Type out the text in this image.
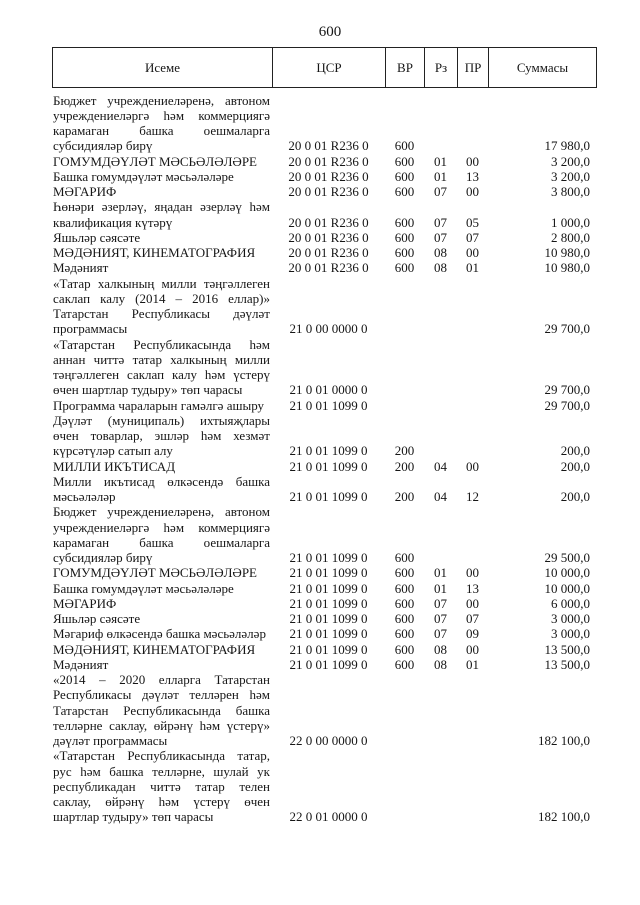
600
Исеме	ЦСР	ВР	Рз	ПР	Суммасы
Бюджет учреждениеләренә, автоном
учреждениеләргә һәм коммерциягә
карамаган башка оешмаларга
субсидияләр бирү	20 0 01 R236 0	600			17 980,0

ГОМУМДӘҮЛӘТ МӘСЬӘЛӘЛӘРЕ	20 0 01 R236 0	600	01	00	3 200,0

Башка гомумдәүләт мәсьәләләре	20 0 01 R236 0	600	01	13	3 200,0

МӘГАРИФ	20 0 01 R236 0	600	07	00	3 800,0

Һөнәри әзерләү, яңадан әзерләү һәм
квалификация күтәрү	20 0 01 R236 0	600	07	05	1 000,0

Яшьләр сәясәте	20 0 01 R236 0	600	07	07	2 800,0

МӘДӘНИЯТ, КИНЕМАТОГРАФИЯ	20 0 01 R236 0	600	08	00	10 980,0

Мәдәният	20 0 01 R236 0	600	08	01	10 980,0

«Татар халкының милли тәңгәллеген
саклап калу (2014 – 2016 еллар)»
Татарстан Республикасы дәүләт
программасы	21 0 00 0000 0				29 700,0

«Татарстан Республикасында һәм
аннан читтә татар халкының милли
тәңгәллеген саклап калу һәм үстерү
өчен шартлар тудыру» төп чарасы	21 0 01 0000 0				29 700,0

Программа чараларын гамәлгә ашыру	21 0 01 1099 0				29 700,0

Дәүләт (муниципаль) ихтыяҗлары
өчен товарлар, эшләр һәм хезмәт
күрсәтүләр сатып алу	21 0 01 1099 0	200			200,0

МИЛЛИ ИКЪТИСАД	21 0 01 1099 0	200	04	00	200,0

Милли икътисад өлкәсендә башка
мәсьәләләр	21 0 01 1099 0	200	04	12	200,0

Бюджет учреждениеләренә, автоном
учреждениеләргә һәм коммерциягә
карамаган башка оешмаларга
субсидияләр бирү	21 0 01 1099 0	600			29 500,0

ГОМУМДӘҮЛӘТ МӘСЬӘЛӘЛӘРЕ	21 0 01 1099 0	600	01	00	10 000,0

Башка гомумдәүләт мәсьәләләре	21 0 01 1099 0	600	01	13	10 000,0

МӘГАРИФ	21 0 01 1099 0	600	07	00	6 000,0

Яшьләр сәясәте	21 0 01 1099 0	600	07	07	3 000,0

Мәгариф өлкәсендә башка мәсьәләләр	21 0 01 1099 0	600	07	09	3 000,0

МӘДӘНИЯТ, КИНЕМАТОГРАФИЯ	21 0 01 1099 0	600	08	00	13 500,0

Мәдәният	21 0 01 1099 0	600	08	01	13 500,0

«2014 – 2020 елларга Татарстан
Республикасы дәүләт телләрен һәм
Татарстан Республикасында башка
телләрне саклау, өйрәнү һәм үстерү»
дәүләт программасы	22 0 00 0000 0				182 100,0

«Татарстан Республикасында татар,
рус һәм башка телләрне, шулай ук
республикадан читтә татар телен
саклау, өйрәнү һәм үстерү өчен
шартлар тудыру» төп чарасы	22 0 01 0000 0				182 100,0
